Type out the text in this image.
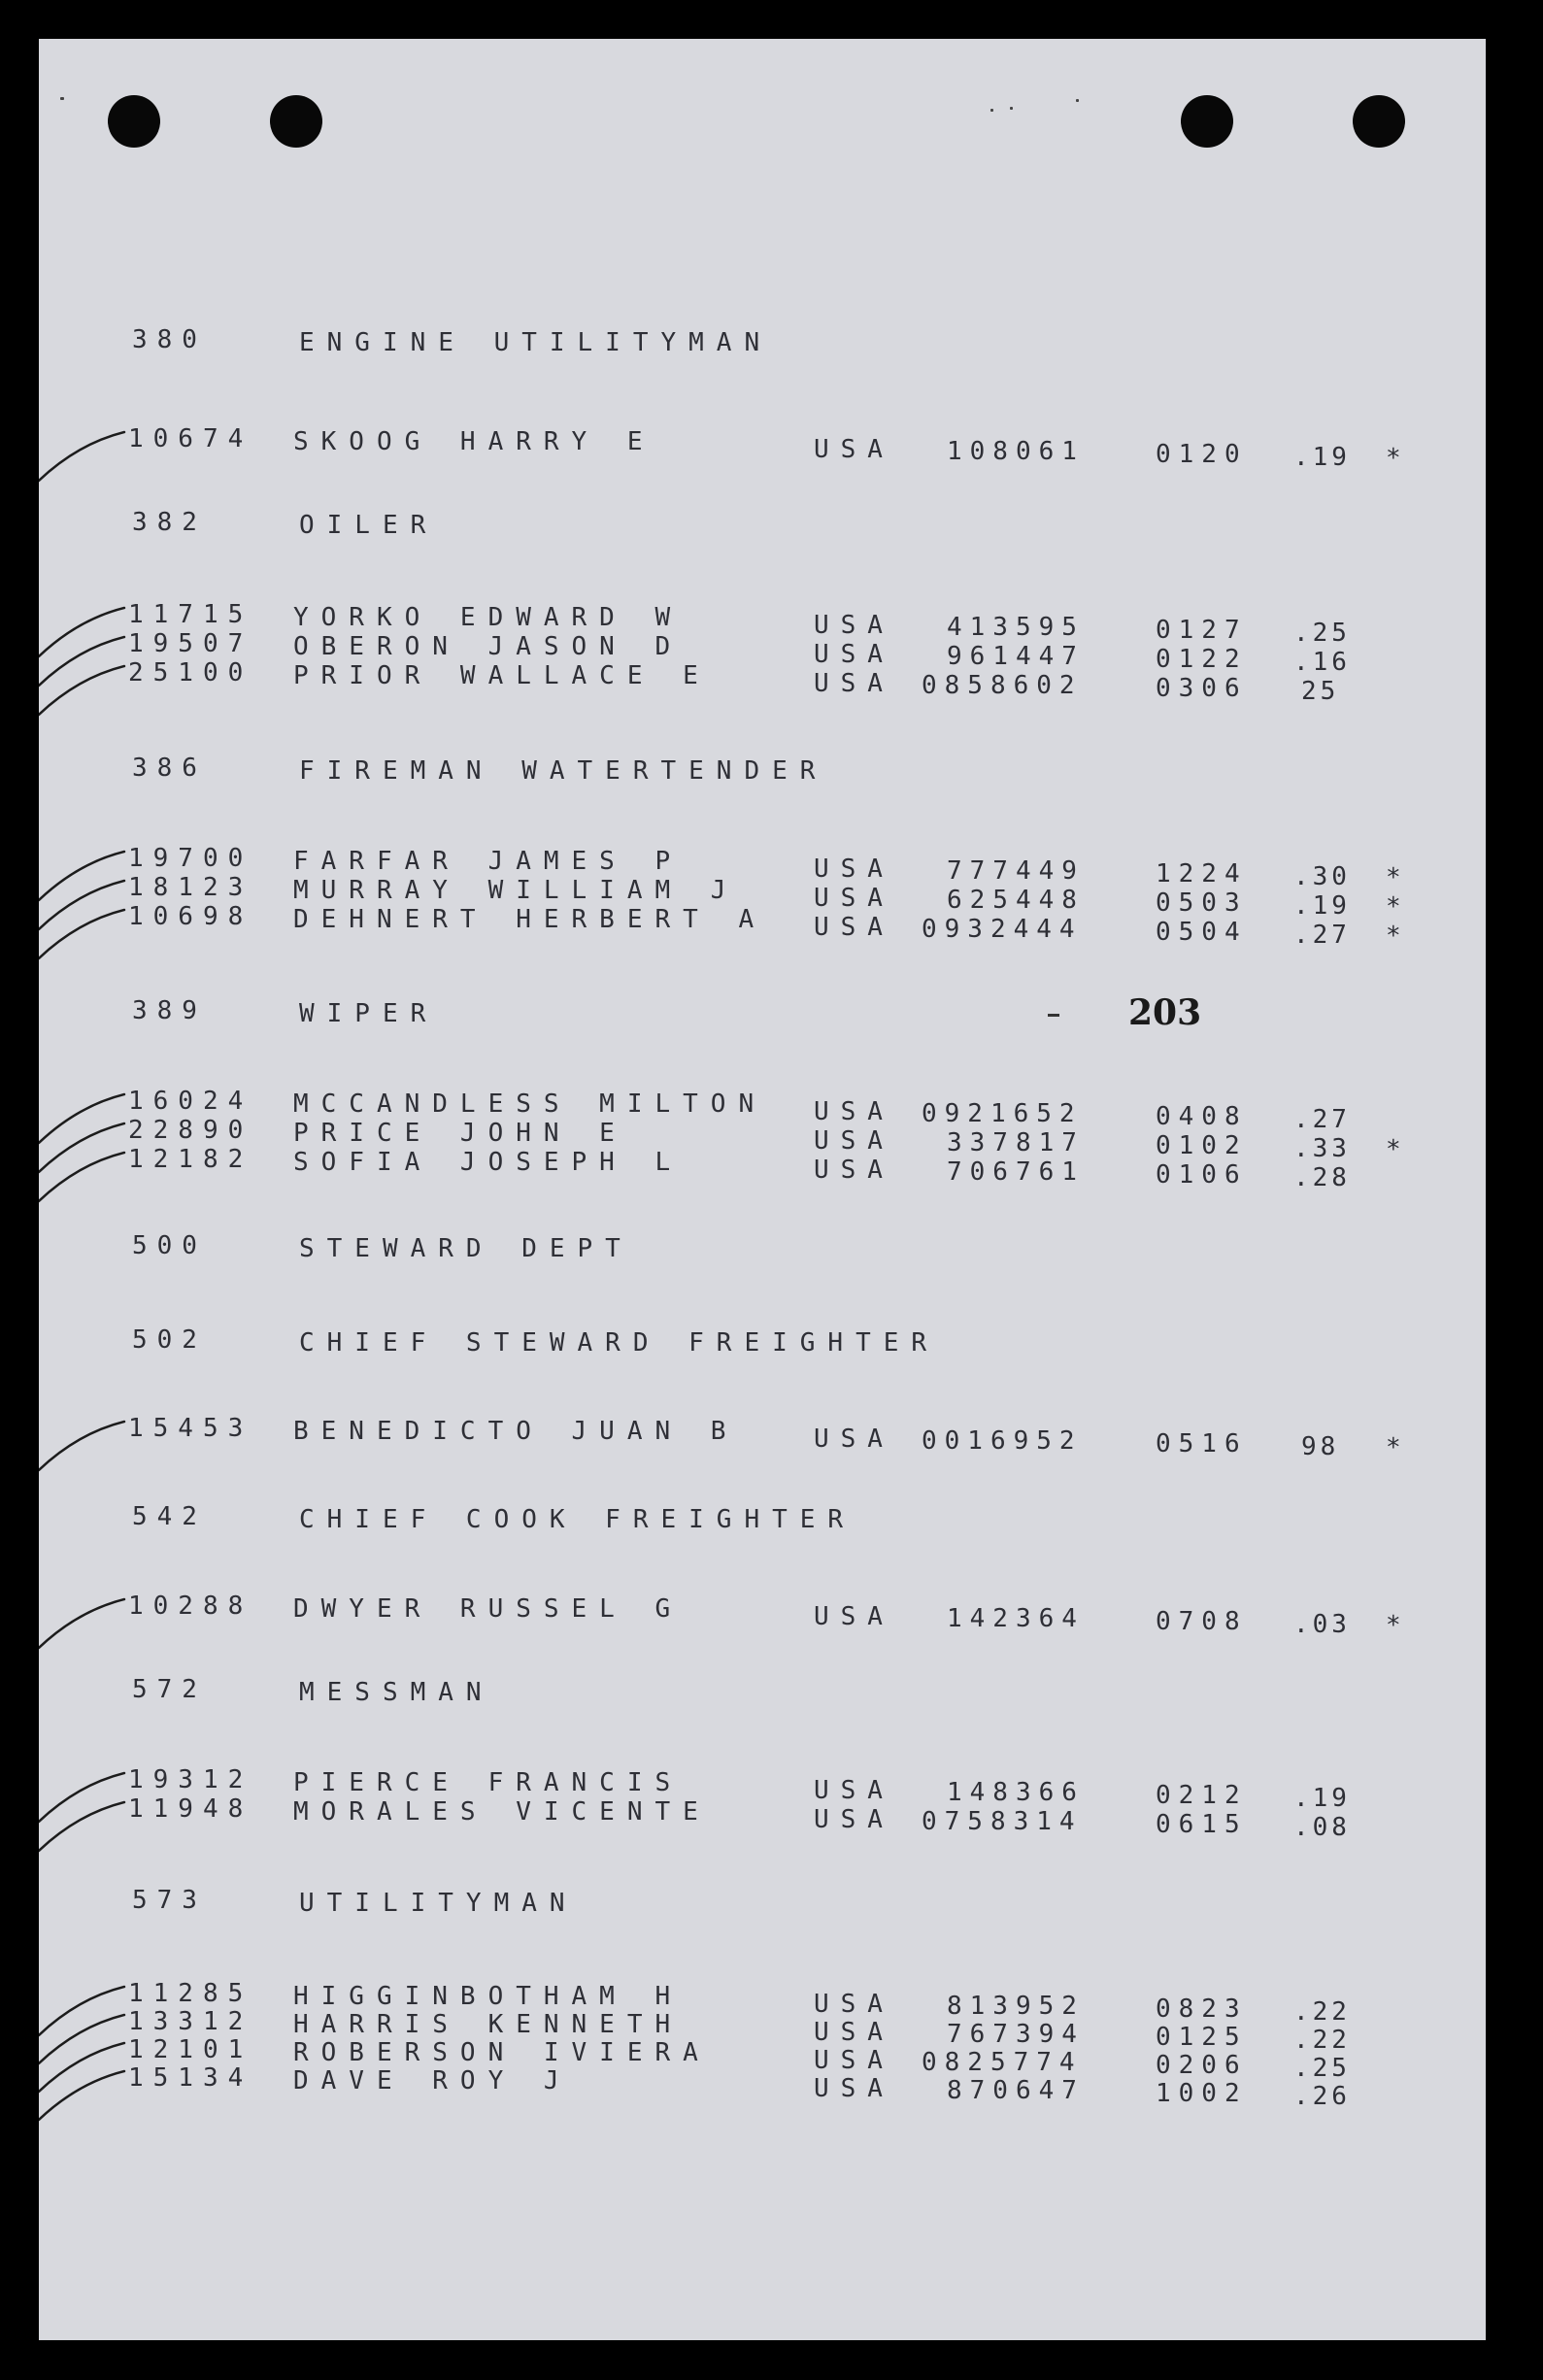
380	ENGINE UTILITYMAN
10674 SKOOG HARRY E	USA 108061	0120 .19 *
382	OILER
11715 YORKO EDWARD W	USA 413595	0127 .25
19507 OBERON JASON D	USA 961447	0122 .16
25100 PRIOR WALLACE E	USA 0858602	0306 25
386	FIREMAN WATERTENDER
19700 FARFAR JAMES P	USA 777449	1224 .30 *
18123 MURRAY WILLIAM J	USA 625448	0503 .19 *
10698 DEHNERT HERBERT A USA 0932444	0504 .27 *
389	WIPER
16024 MCCANDLESS MILTON USA 0921652	0408 .27
22890 PRICE JOHN E	USA 337817	0102 .33 *
12182 SOFIA JOSEPH L	USA 706761	0106 .28
500	STEWARD DEPT
502	CHIEF STEWARD FREIGHTER
15453 BENEDICTO JUAN B	USA 0016952	0516 98 *
542	CHIEF COOK FREIGHTER
10288 DWYER RUSSEL G	USA 142364	0708 .03 *
572	MESSMAN
19312 PIERCE FRANCIS	USA 148366	0212 .19
11948 MORALES VICENTE	USA 0758314	0615 .08
573	UTILITYMAN
11285 HIGGINBOTHAM H	USA 813952	0823 .22
13312 HARRIS KENNETH	USA 767394	0125 .22
12101 ROBERSON IVIERA	USA 0825774	0206 .25
15134 DAVE ROY J	USA 870647	1002 .26
203
